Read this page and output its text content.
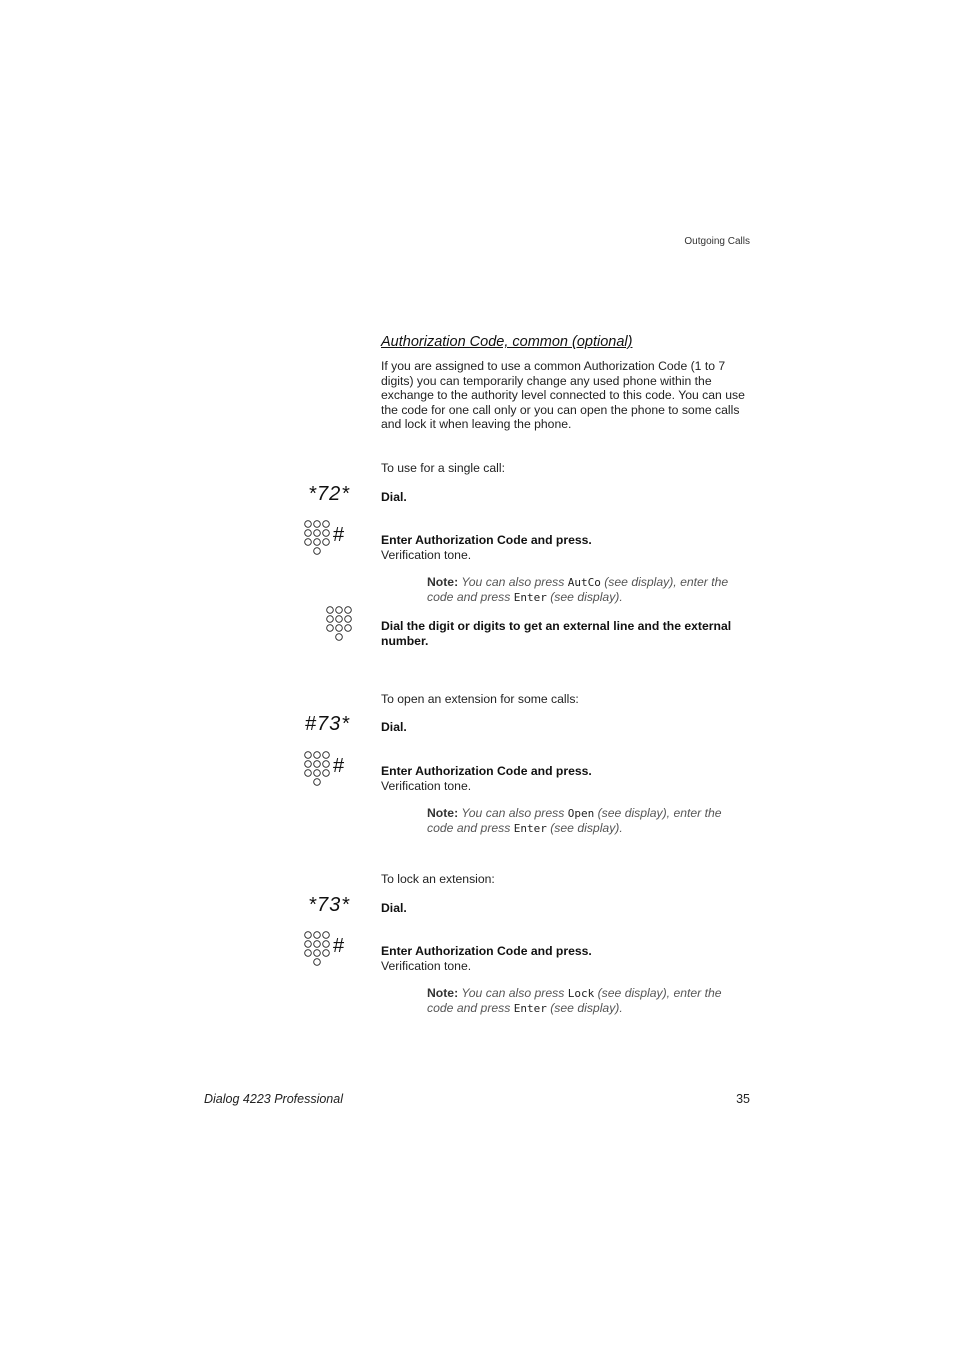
Outgoing Calls
Authorization Code, common (optional)
If you are assigned to use a common Authorization Code (1 to 7 digits) you can temporarily change any used phone within the exchange to the authority level connected to this code. You can use the code for one call only or you can open the phone to some calls and lock it when leaving the phone.
To use for a single call:
*72*	Dial.
#	Enter Authorization Code and press.
Verification tone.
Note: You can also press AutCo (see display), enter the code and press Enter (see display).
Dial the digit or digits to get an external line and the external number.
To open an extension for some calls:
#73*	Dial.
#	Enter Authorization Code and press.
Verification tone.
Note: You can also press Open (see display), enter the code and press Enter (see display).
To lock an extension:
*73*	Dial.
#	Enter Authorization Code and press.
Verification tone.
Note: You can also press Lock (see display), enter the code and press Enter (see display).
Dialog 4223 Professional	35
